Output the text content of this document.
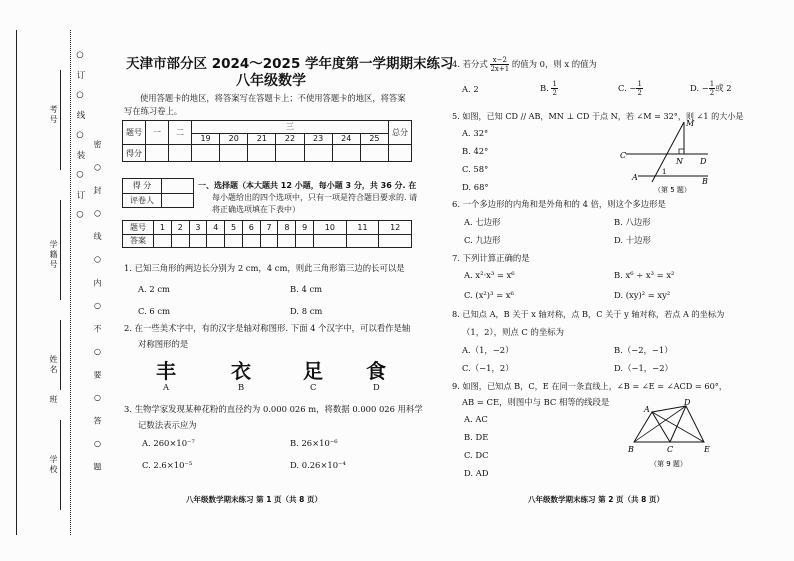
考号
学籍号
姓名
班
学校
○ 订 ○ 线 ○ 装 ○ 订 ○
密 ○ 封 ○ 线 ○ 内 ○ 不 ○ 要 ○ 答 ○ 题
天津市部分区 2024～2025 学年度第一学期期末练习
八年级数学
使用答题卡的地区，将答案写在答题卡上；不使用答题卡的地区，将答案
写在练习卷上。
题号	一	二	三							总分
			19	20	21	22	23	24	25	
得分										
得 分	
评卷人	
一、选择题（本大题共 12 小题，每小题 3 分，共 36 分. 在
每小题给出的四个选项中，只有一项是符合题目要求的. 请
将正确选项填在下表中）
题号	1	2	3	4	5	6	7	8	9	10	11	12
答案												
1. 已知三角形的两边长分别为 2 cm，4 cm，则此三角形第三边的长可以是
A. 2 cm	B. 4 cm
C. 6 cm	D. 8 cm
2. 在一些美术字中，有的汉字是轴对称图形. 下面 4 个汉字中，可以看作是轴
对称图形的是
丰	衣	足 食
A	B	C	D
3. 生物学家发现某种花粉的直径约为 0.000 026 m，将数据 0.000 026 用科学
记数法表示应为
A. 260×10⁻⁷	B. 26×10⁻⁶
C. 2.6×10⁻⁵	D. 0.26×10⁻⁴
八年级数学期末练习 第 1 页（共 8 页）
4. 若分式 $\frac{x-2}{2x+1}$ 的值为 0，则 x 的值为
A. 2	B. $\frac{1}{2}$	C. − $\frac{1}{2}$	D. − $\frac{1}{2}$ 或 2
5. 如图，已知 CD // AB，MN ⊥ CD 于点 N，若 ∠M = 32°，则 ∠1 的大小是
A. 32°
B. 42°
C. 58°
D. 68°
M
C
N D
A	B
1
（第 5 题）
6. 一个多边形的内角和是外角和的 4 倍，则这个多边形是
A. 七边形	B. 八边形
C. 九边形	D. 十边形
7. 下列计算正确的是
A. x²·x³ = x⁶	B. x⁶ ÷ x³ = x²
C. (x²)³ = x⁶	D. (xy)² = xy²
8. 已知点 A，B 关于 x 轴对称，点 B，C 关于 y 轴对称，若点 A 的坐标为
（1，2），则点 C 的坐标为
A.（1，−2）	B.（−2，−1）
C.（−1，2）	D.（−1，−2）
9. 如图，已知点 B，C，E 在同一条直线上，∠B = ∠E = ∠ACD = 60°，
AB = CE，则图中与 BC 相等的线段是
A. AC
B. DE
C. DC
D. AD
A
B	C
D
E
（第 9 题）
八年级数学期末练习 第 2 页（共 8 页）
